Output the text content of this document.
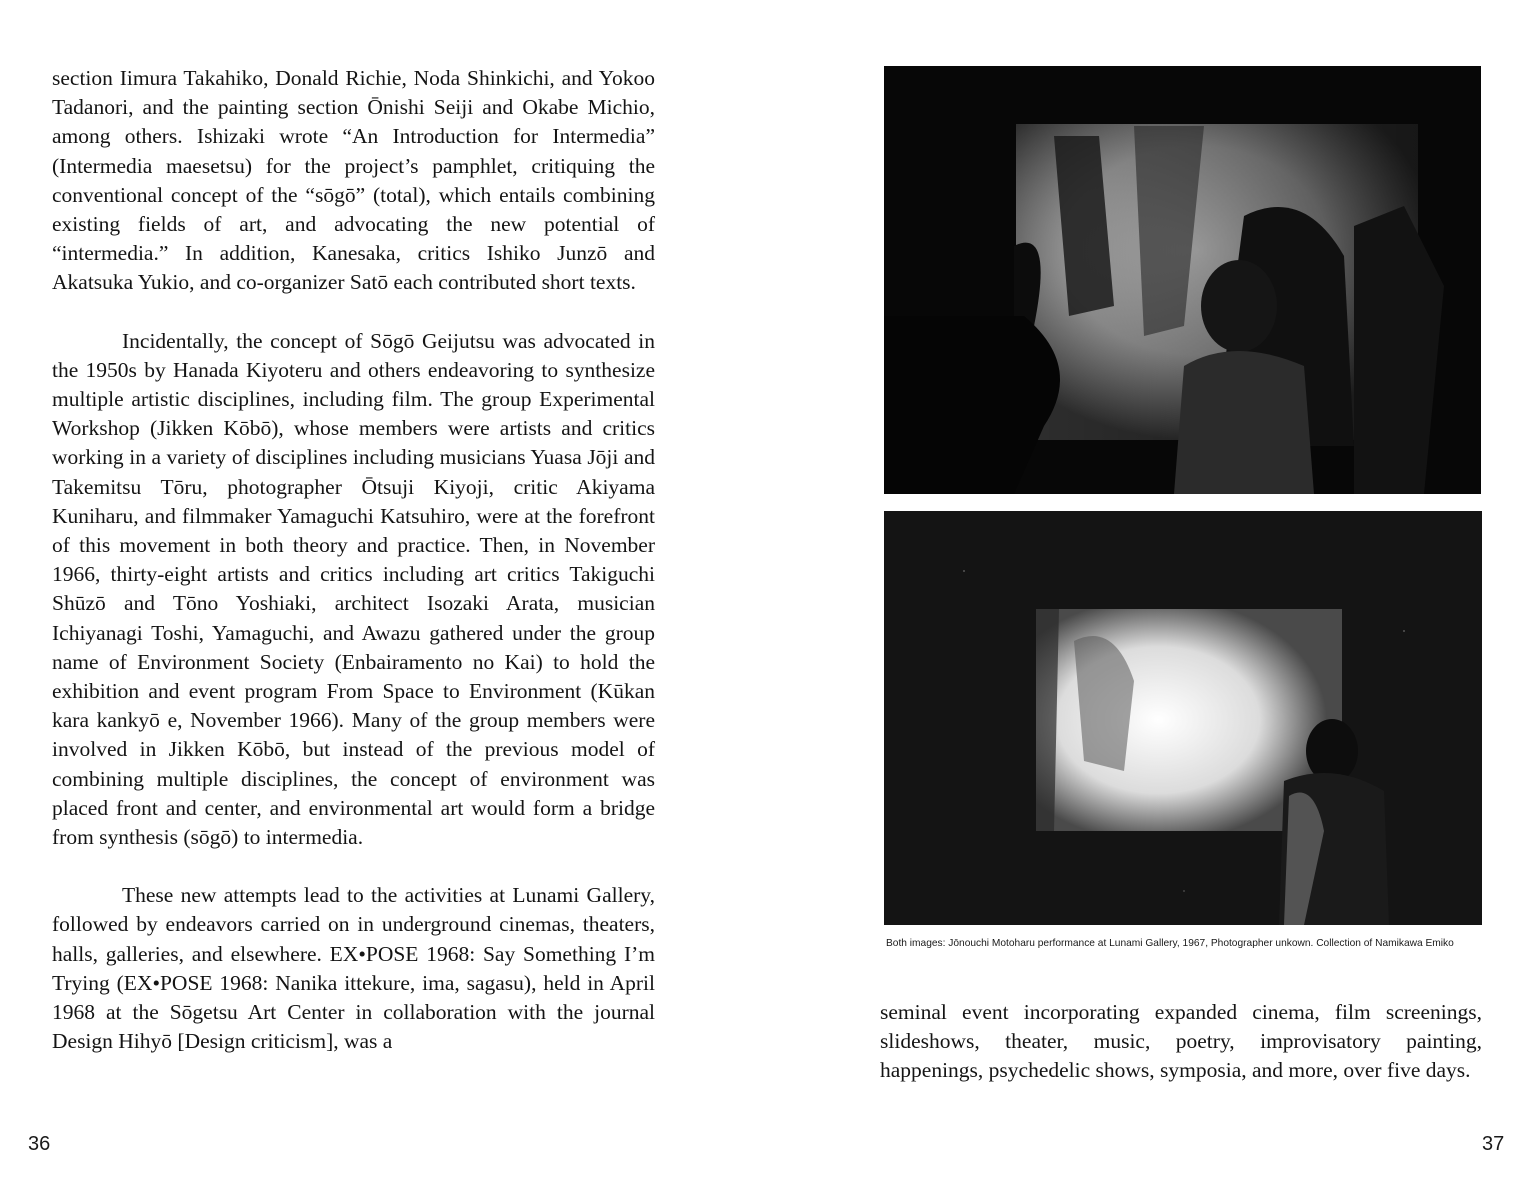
section Iimura Takahiko, Donald Richie, Noda Shinkichi, and Yokoo Tadanori, and the painting section Ōnishi Seiji and Okabe Michio, among others. Ishizaki wrote “An Introduction for Intermedia” (Intermedia maesetsu) for the project’s pamphlet, critiquing the conventional concept of the “sōgō” (total), which entails combining existing fields of art, and advocating the new potential of “intermedia.” In addition, Kanesaka, critics Ishiko Junzō and Akatsuka Yukio, and co-organizer Satō each contributed short texts.

Incidentally, the concept of Sōgō Geijutsu was advocated in the 1950s by Hanada Kiyoteru and others endeavoring to synthesize multiple artistic disciplines, including film. The group Experimental Workshop (Jikken Kōbō), whose members were artists and critics working in a variety of disciplines including musicians Yuasa Jōji and Takemitsu Tōru, photographer Ōtsuji Kiyoji, critic Akiyama Kuniharu, and filmmaker Yamaguchi Katsuhiro, were at the forefront of this movement in both theory and practice. Then, in November 1966, thirty-eight artists and critics including art critics Takiguchi Shūzō and Tōno Yoshiaki, architect Isozaki Arata, musician Ichiyanagi Toshi, Yamaguchi, and Awazu gathered under the group name of Environment Society (Enbairamento no Kai) to hold the exhibition and event program From Space to Environment (Kūkan kara kankyō e, November 1966). Many of the group members were involved in Jikken Kōbō, but instead of the previous model of combining multiple disciplines, the concept of environment was placed front and center, and environmental art would form a bridge from synthesis (sōgō) to intermedia.

These new attempts lead to the activities at Lunami Gallery, followed by endeavors carried on in underground cinemas, theaters, halls, galleries, and elsewhere. EX•POSE 1968: Say Something I’m Trying (EX•POSE 1968: Nanika ittekure, ima, sagasu), held in April 1968 at the Sōgetsu Art Center in collaboration with the journal Design Hihyō [Design criticism], was a

36
Both images: Jōnouchi Motoharu performance at Lunami Gallery, 1967, Photographer unkown. Collection of Namikawa Emiko

seminal event incorporating expanded cinema, film screenings, slideshows, theater, music, poetry, improvisatory painting, happenings, psychedelic shows, symposia, and more, over five days.

37
